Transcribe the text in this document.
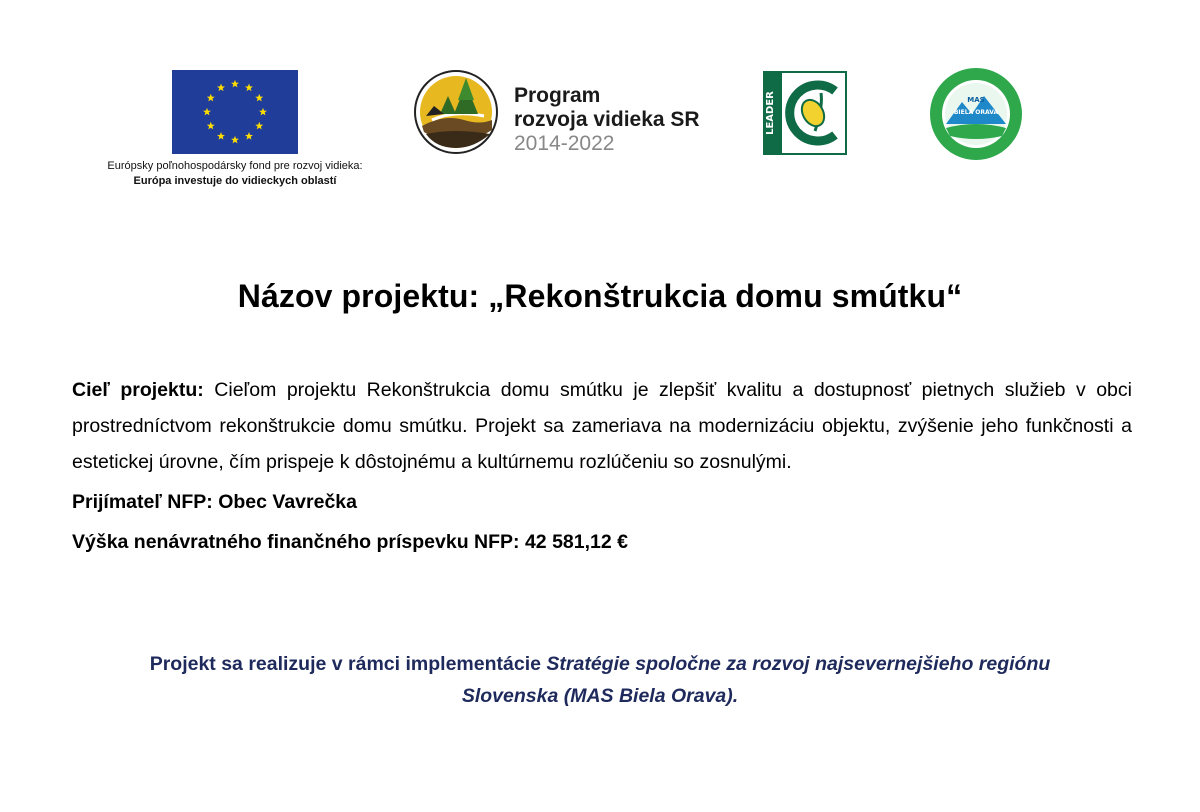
Európsky poľnohospodársky fond pre rozvoj vidieka:
Európa investuje do vidieckych oblastí
Program
rozvoja vidieka SR
2014-2022
LEADER	MAS
BIELA ORAVA
Názov projektu: „Rekonštrukcia domu smútku“

Cieľ projektu: Cieľom projektu Rekonštrukcia domu smútku je zlepšiť kvalitu a dostupnosť pietnych služieb v obci prostredníctvom rekonštrukcie domu smútku. Projekt sa zameriava na modernizáciu objektu, zvýšenie jeho funkčnosti a estetickej úrovne, čím prispeje k dôstojnému a kultúrnemu rozlúčeniu so zosnulými.

Prijímateľ NFP: Obec Vavrečka

Výška nenávratného finančného príspevku NFP: 42 581,12 €

Projekt sa realizuje v rámci implementácie Stratégie spoločne za rozvoj najsevernejšieho regiónu Slovenska (MAS Biela Orava).
